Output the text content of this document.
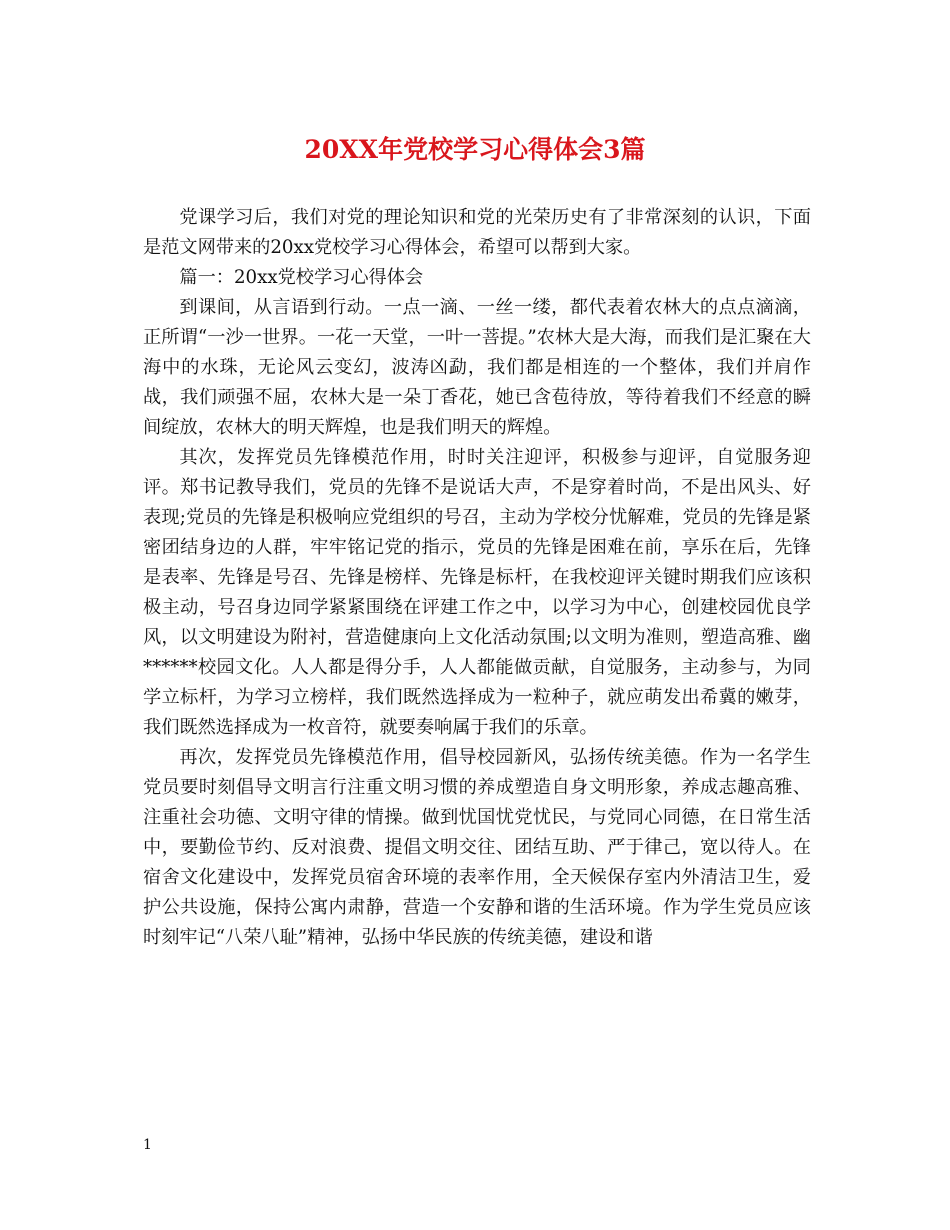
20XX年党校学习心得体会3篇

党课学习后，我们对党的理论知识和党的光荣历史有了非常深刻的认识，下面是范文网带来的20xx党校学习心得体会，希望可以帮到大家。

篇一：20xx党校学习心得体会

到课间，从言语到行动。一点一滴、一丝一缕，都代表着农林大的点点滴滴，正所谓“一沙一世界。一花一天堂，一叶一菩提。”农林大是大海，而我们是汇聚在大海中的水珠，无论风云变幻，波涛凶勐，我们都是相连的一个整体，我们并肩作战，我们顽强不屈，农林大是一朵丁香花，她已含苞待放，等待着我们不经意的瞬间绽放，农林大的明天辉煌，也是我们明天的辉煌。

其次，发挥党员先锋模范作用，时时关注迎评，积极参与迎评，自觉服务迎评。郑书记教导我们，党员的先锋不是说话大声，不是穿着时尚，不是出风头、好表现;党员的先锋是积极响应党组织的号召，主动为学校分忧解难，党员的先锋是紧密团结身边的人群，牢牢铭记党的指示，党员的先锋是困难在前，享乐在后，先锋是表率、先锋是号召、先锋是榜样、先锋是标杆，在我校迎评关键时期我们应该积极主动，号召身边同学紧紧围绕在评建工作之中，以学习为中心，创建校园优良学风，以文明建设为附衬，营造健康向上文化活动氛围;以文明为准则，塑造高雅、幽******校园文化。人人都是得分手，人人都能做贡献，自觉服务，主动参与，为同学立标杆，为学习立榜样，我们既然选择成为一粒种子，就应萌发出希冀的嫩芽，我们既然选择成为一枚音符，就要奏响属于我们的乐章。

再次，发挥党员先锋模范作用，倡导校园新风，弘扬传统美德。作为一名学生党员要时刻倡导文明言行注重文明习惯的养成塑造自身文明形象，养成志趣高雅、注重社会功德、文明守律的情操。做到忧国忧党忧民，与党同心同德，在日常生活中，要勤俭节约、反对浪费、提倡文明交往、团结互助、严于律己，宽以待人。在宿舍文化建设中，发挥党员宿舍环境的表率作用，全天候保存室内外清洁卫生，爱护公共设施，保持公寓内肃静，营造一个安静和谐的生活环境。作为学生党员应该时刻牢记“八荣八耻”精神，弘扬中华民族的传统美德，建设和谐

1
